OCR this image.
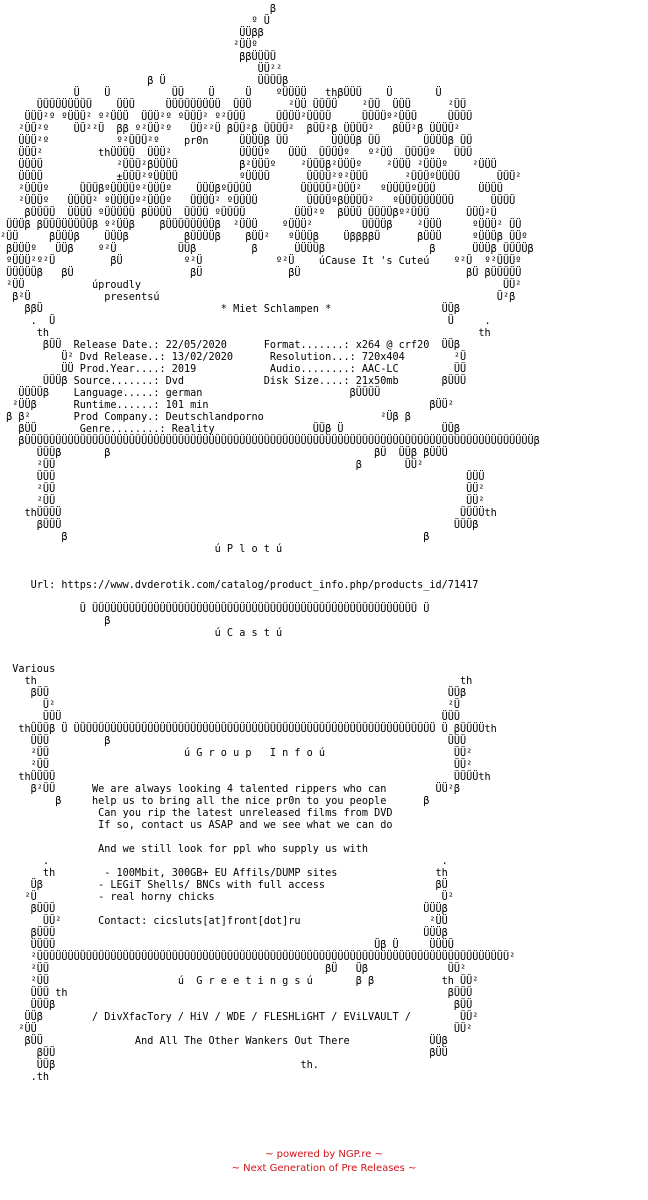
β
º Ü
ÜÜββ
²ÜÜº
ββÜÜÜÜ
ÜÜ²²
β Ü               ÜÜÜÜβ
Ü    Ü          ÜÜ    Ü     Ü    ºÜÜÜÜ   thβÜÜÜ    Ü       Ü
ÜÜÜÜÜÜÜÜÜ    ÜÜÜ     ÜÜÜÜÜÜÜÜÜ  ÜÜÜ      ²ÜÜ ÜÜÜÜ    ²ÜÜ  ÜÜÜ      ²ÜÜ
ÜÜÜ²º ºÜÜÜ² º²ÜÜÜ  ÜÜÜ²º ºÜÜÜ² º²ÜÜÜ     ÜÜÜÜ²ÜÜÜÜ     ÜÜÜÜº²ÜÜÜ     ÜÜÜÜ
²ÜÜ²º    ÜÜ²²Ü  ββ º²ÜÜ²º   ÜÜ²²Ü βÜÜ²β ÜÜÜÜ²  βÜÜ²β ÜÜÜÜ²   βÜÜ²β ÜÜÜÜ²
ÜÜÜ²º           º²ÜÜÜ²º    pr0n     ÜÜÜÜβ ÜÜ       ÜÜÜÜβ ÜÜ       ÜÜÜÜβ ÜÜ
ÜÜÜ²         thÜÜÜÜ  ÜÜÜ²           ÜÜÜÜº   ÜÜÜ  ÜÜÜÜº   º²ÜÜ  ÜÜÜÜº   ÜÜÜ
ÜÜÜÜ            ²ÜÜÜ²βÜÜÜÜ          β²ÜÜÜº    ²ÜÜÜβ²ÜÜÜº    ²ÜÜÜ ²ÜÜÜº    ²ÜÜÜ
ÜÜÜÜ            ±ÜÜÜ²ºÜÜÜÜ          ºÜÜÜÜ      ÜÜÜÜ²º²ÜÜÜ      ²ÜÜÜºÜÜÜÜ      ÜÜÜ²
²ÜÜÜº     ÜÜÜβºÜÜÜÜº²ÜÜÜº    ÜÜÜβºÜÜÜÜ        ÜÜÜÜÜ²ÜÜÜ²   ºÜÜÜÜºÜÜÜ       ÜÜÜÜ
²ÜÜÜº   ÜÜÜÜ² ºÜÜÜÜº²ÜÜÜº   ÜÜÜÜ² ºÜÜÜÜ        ÜÜÜÜºβÜÜÜÜ²   ºÜÜÜÜÜÜÜÜÜ      ÜÜÜÜ
βÜÜÜÜ  ÜÜÜÜ ºÜÜÜÜÜ βÜÜÜÜ  ÜÜÜÜ ºÜÜÜÜ        ÜÜÜ²º  βÜÜÜ ÜÜÜÜβº²ÜÜÜ      ÜÜÜ²Ü
ÜÜÜβ βÜÜÜÜÜÜÜÜβ º²ÜÜβ    βÜÜÜÜÜÜÜÜβ  ²ÜÜÜ    ºÜÜÜ²        ÜÜÜÜβ    ²ÜÜÜ     ºÜÜÜ² ÜÜ
²ÜÜ     βÜÜÜβ    ÜÜÜβ         βÜÜÜÜβ    βÜÜ²   ºÜÜÜβ    ÜββββÜ      βÜÜÜ     ºÜÜÜβ ÜÜº
βÜÜÜº   ÜÜβ    º²Ü          ÜÜβ         β      ÜÜÜÜβ                 β      ÜÜÜβ ÜÜÜÜβ
ºÜÜÜ²º²Ü         βÜ          º²Ü            º²Ü    úCause It 's Cuteú    º²Ü  º²ÜÜÜº
ÜÜÜÜÜβ   βÜ                   βÜ              βÜ                           βÜ βÜÜÜÜÜ
²ÜÜ           úproudly                                                           ÜÜ²
β²Ü            presentsú                                                       Ü²β
ββÜ                             * Miet Schlampen *                  ÜÜβ
.  Ü                                                                Ü     .
th                                                                      th
βÜÜ  Release Date.: 22/05/2020      Format.......: x264 @ crf20  ÜÜβ
Ü² Dvd Release..: 13/02/2020      Resolution...: 720x404        ²Ü
ÜÜ Prod.Year....: 2019            Audio........: AAC-LC         ÜÜ
ÜÜÜβ Source.......: Dvd             Disk Size....: 21x50mb       βÜÜÜ
ÜÜÜÜβ    Language.....: german                        βÜÜÜÜ
²ÜÜβ      Runtime......: 101 min                                    βÜÜ²
β β²       Prod Company.: Deutschlandporno                   ²Üβ β
βÜÜ       Genre........: Reality                ÜÜβ Ü                ÜÜβ
βÜÜÜÜÜÜÜÜÜÜÜÜÜÜÜÜÜÜÜÜÜÜÜÜÜÜÜÜÜÜÜÜÜÜÜÜÜÜÜÜÜÜÜÜÜÜÜÜÜÜÜÜÜÜÜÜÜÜÜÜÜÜÜÜÜÜÜÜÜÜÜÜÜÜÜÜÜÜÜÜÜÜÜβ
ÜÜÜβ       β                                           βÜ  ÜÜβ βÜÜÜ
²ÜÜ                                                 β       ÜÜ²
ÜÜÜ                                                                   ÜÜÜ
²ÜÜ                                                                   ÜÜ²
²ÜÜ                                                                   ÜÜ²
thÜÜÜÜ                                                                 ÜÜÜÜth
βÜÜÜ                                                                ÜÜÜβ
β                                                          β
ú P l o t ú
Url: https://www.dvderotik.com/catalog/product_info.php/products_id/71417
Ü ÜÜÜÜÜÜÜÜÜÜÜÜÜÜÜÜÜÜÜÜÜÜÜÜÜÜÜÜÜÜÜÜÜÜÜÜÜÜÜÜÜÜÜÜÜÜÜÜÜÜÜÜÜ Ü
β
ú C a s t ú
Various
th                                                                     th
βÜÜ                                                                 ÜÜβ
Ü²                                                                ²Ü
ÜÜÜ                                                              ÜÜÜ
thÜÜÜβ Ü ÜÜÜÜÜÜÜÜÜÜÜÜÜÜÜÜÜÜÜÜÜÜÜÜÜÜÜÜÜÜÜÜÜÜÜÜÜÜÜÜÜÜÜÜÜÜÜÜÜÜÜÜÜÜÜÜÜÜÜ Ü βÜÜÜÜth
ÜÜÜ         β                                                       ÜÜÜ
²ÜÜ                      ú G r o u p   I n f o ú                     ÜÜ²
²ÜÜ                                                                  ÜÜ²
thÜÜÜÜ                                                                 ÜÜÜÜth
β²ÜÜ      We are always looking 4 talented rippers who can        ÜÜ²β
β     help us to bring all the nice pr0n to you people      β
Can you rip the latest unreleased films from DVD
If so, contact us ASAP and we see what we can do
And we still look for ppl who supply us with
.                                                                .
th        - 100Mbit, 300GB+ EU Affils/DUMP sites                th
Üβ         - LEGiT Shells/ BNCs with full access                  βÜ
²Ü          - real horny chicks                                     Ü²
βÜÜÜ                                                            ÜÜÜβ
ÜÜ²      Contact: cicsluts[at]front[dot]ru                     ²ÜÜ
βÜÜÜ                                                            ÜÜÜβ
ÜÜÜÜ                                                    Üβ Ü     ÜÜÜÜ
²ÜÜÜÜÜÜÜÜÜÜÜÜÜÜÜÜÜÜÜÜÜÜÜÜÜÜÜÜÜÜÜÜÜÜÜÜÜÜÜÜÜÜÜÜÜÜÜÜÜÜÜÜÜÜÜÜÜÜÜÜÜÜÜÜÜÜÜÜÜÜÜÜÜÜÜÜÜ²
²ÜÜ                                             βÜ   Üβ             ÜÜ²
²ÜÜ                     ú  G r e e t i n g s ú       β β           th ÜÜ²
ÜÜÜ th                                                              βÜÜÜ
ÜÜÜβ                                                                 βÜÜ
ÜÜβ        / DivXfacTory / HiV / WDE / FLESHLiGHT / EViLVAULT /        ÜÜ²
²ÜÜ                                                                    ÜÜ²
βÜÜ               And All The Other Wankers Out There             ÜÜβ
βÜÜ                                                             βÜÜ
ÜÜβ                                        th.
.th
~ powered by NGP.re ~
~ Next Generation of Pre Releases ~
